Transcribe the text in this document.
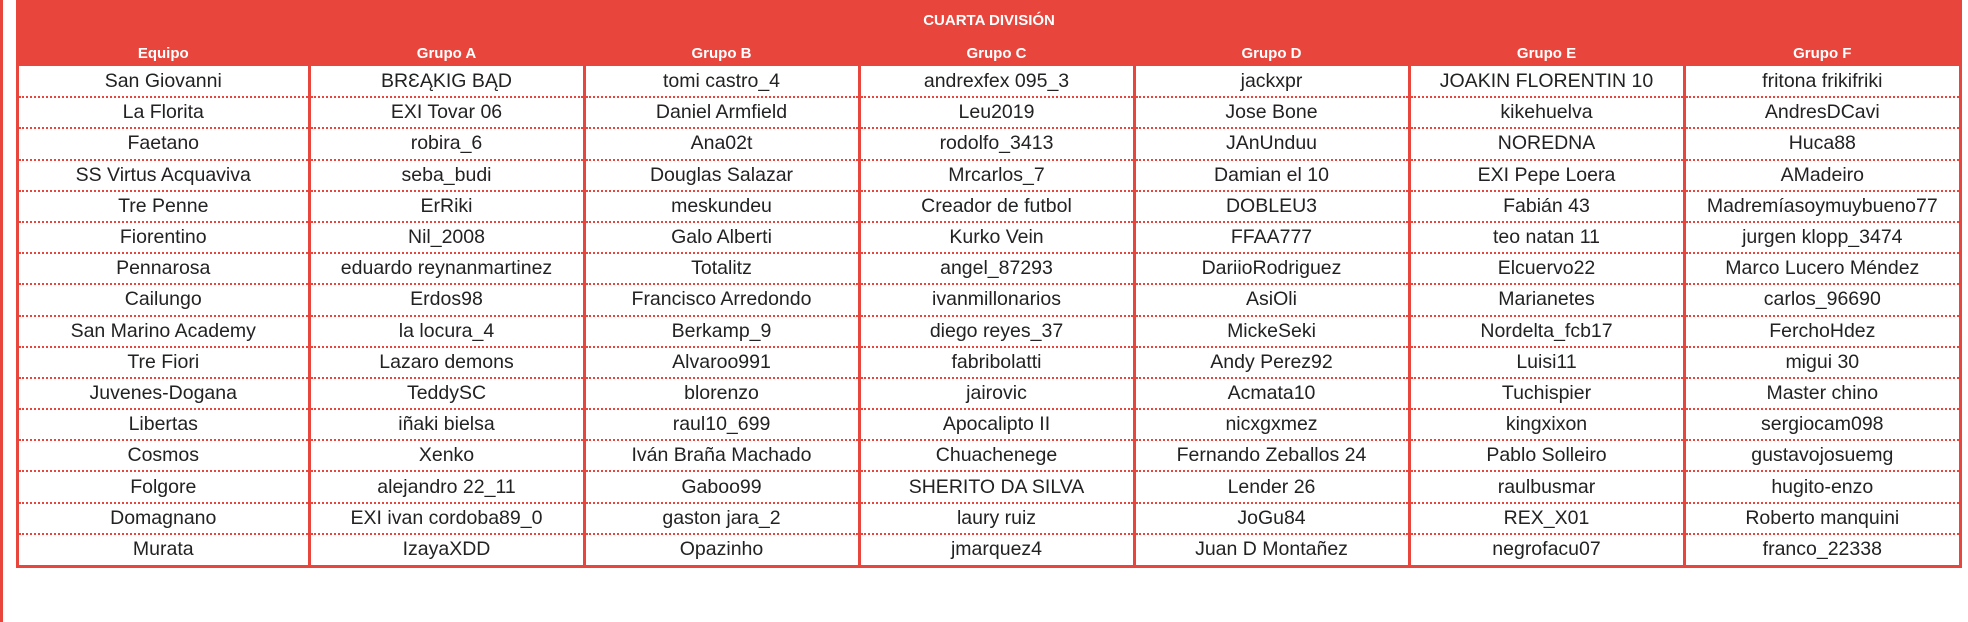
CUARTA DIVISIÓN						
Equipo	Grupo A	Grupo B	Grupo C	Grupo D	Grupo E	Grupo F
San Giovanni	BRƐĄKIG BĄD	tomi castro_4	andrexfex 095_3	jackxpr	JOAKIN FLORENTIN 10	fritona frikifriki
La Florita	EXI Tovar 06	Daniel Armfield	Leu2019	Jose Bone	kikehuelva	AndresDCavi
Faetano	robira_6	Ana02t	rodolfo_3413	JAnUnduu	NOREDNA	Huca88
SS Virtus Acquaviva	seba_budi	Douglas Salazar	Mrcarlos_7	Damian el 10	EXI Pepe Loera	AMadeiro
Tre Penne	ErRiki	meskundeu	Creador de futbol	DOBLEU3	Fabián 43	Madremíasoymuybueno77
Fiorentino	Nil_2008	Galo Alberti	Kurko Vein	FFAA777	teo natan 11	jurgen klopp_3474
Pennarosa	eduardo reynanmartinez	Totalitz	angel_87293	DariioRodriguez	Elcuervo22	Marco Lucero Méndez
Cailungo	Erdos98	Francisco Arredondo	ivanmillonarios	AsiOli	Marianetes	carlos_96690
San Marino Academy	la locura_4	Berkamp_9	diego reyes_37	MickeSeki	Nordelta_fcb17	FerchoHdez
Tre Fiori	Lazaro demons	Alvaroo991	fabribolatti	Andy Perez92	Luisi11	migui 30
Juvenes-Dogana	TeddySC	blorenzo	jairovic	Acmata10	Tuchispier	Master chino
Libertas	iñaki bielsa	raul10_699	Apocalipto II	nicxgxmez	kingxixon	sergiocam098
Cosmos	Xenko	Iván Braña Machado	Chuachenege	Fernando Zeballos 24	Pablo Solleiro	gustavojosuemg
Folgore	alejandro 22_11	Gaboo99	SHERITO DA SILVA	Lender 26	raulbusmar	hugito-enzo
Domagnano	EXI ivan cordoba89_0	gaston jara_2	laury ruiz	JoGu84	REX_X01	Roberto manquini
Murata	IzayaXDD	Opazinho	jmarquez4	Juan D Montañez	negrofacu07	franco_22338
